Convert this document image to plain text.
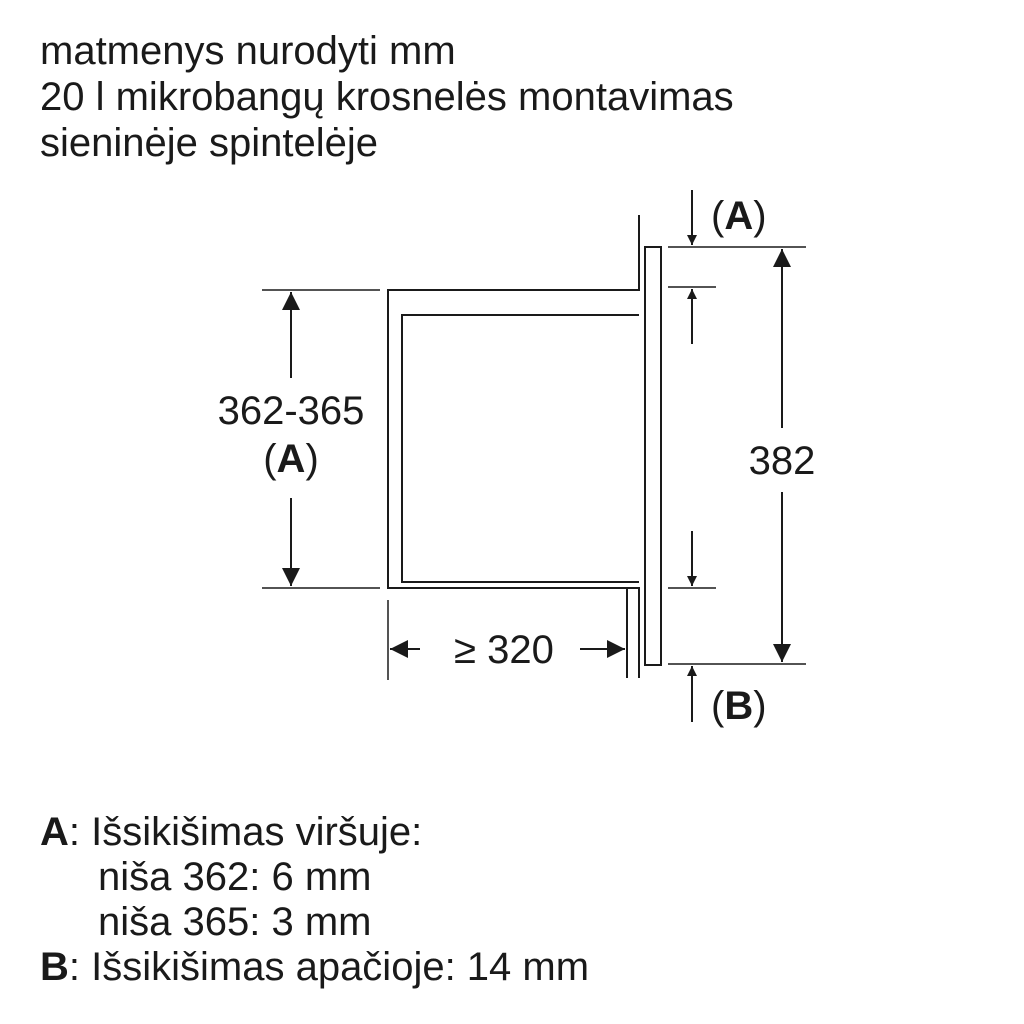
matmenys nurodyti mm
20 l mikrobangų krosnelės montavimas
sieninėje spintelėje
362-365
(A)	382
(A)
(B)
≥ 320
A: Išsikišimas viršuje:
niša 362: 6 mm
niša 365: 3 mm
B: Išsikišimas apačioje: 14 mm
